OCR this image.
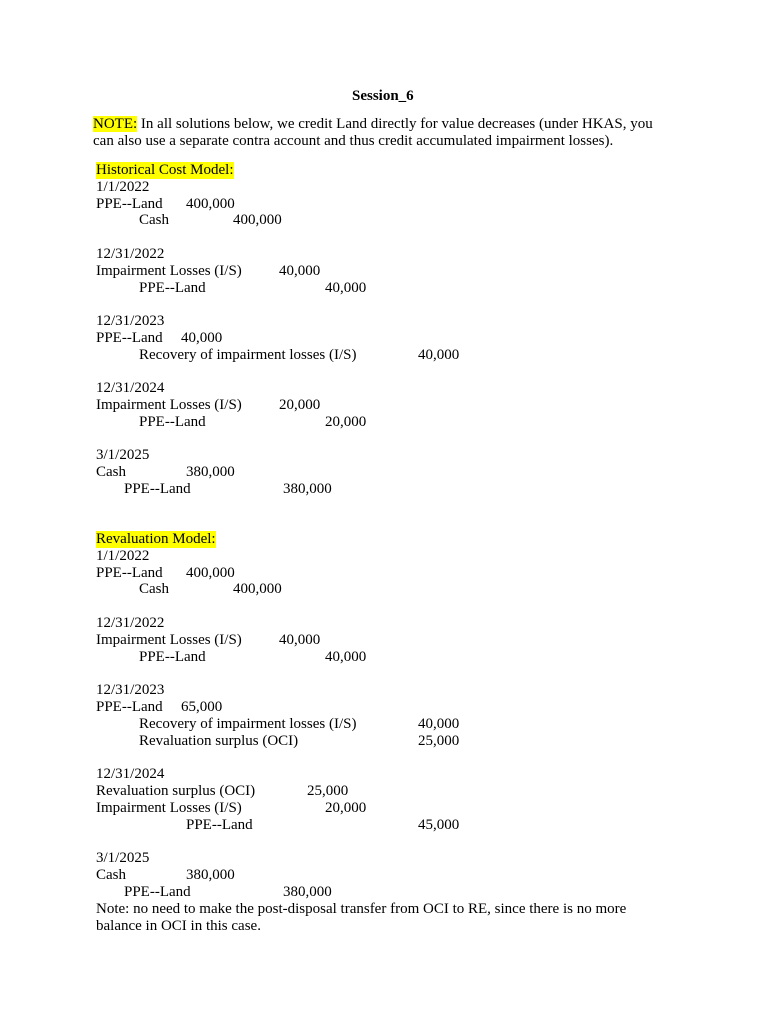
Session_6
NOTE: In all solutions below, we credit Land directly for value decreases (under HKAS, you
can also use a separate contra account and thus credit accumulated impairment losses).
Historical Cost Model:
1/1/2022
PPE--Land 400,000
Cash	400,000
12/31/2022
Impairment Losses (I/S) 40,000
PPE--Land	40,000
12/31/2023
PPE--Land 40,000
Recovery of impairment losses (I/S)	40,000
12/31/2024
Impairment Losses (I/S) 20,000
PPE--Land	20,000
3/1/2025
Cash	380,000
PPE--Land	380,000
Revaluation Model:
1/1/2022
PPE--Land 400,000
Cash	400,000
12/31/2022
Impairment Losses (I/S) 40,000
PPE--Land	40,000
12/31/2023
PPE--Land 65,000
Recovery of impairment losses (I/S)	40,000
Revaluation surplus (OCI)	25,000
12/31/2024
Revaluation surplus (OCI)	25,000
Impairment Losses (I/S)	20,000
PPE--Land	45,000
3/1/2025
Cash	380,000
PPE--Land	380,000
Note: no need to make the post-disposal transfer from OCI to RE, since there is no more
balance in OCI in this case.
